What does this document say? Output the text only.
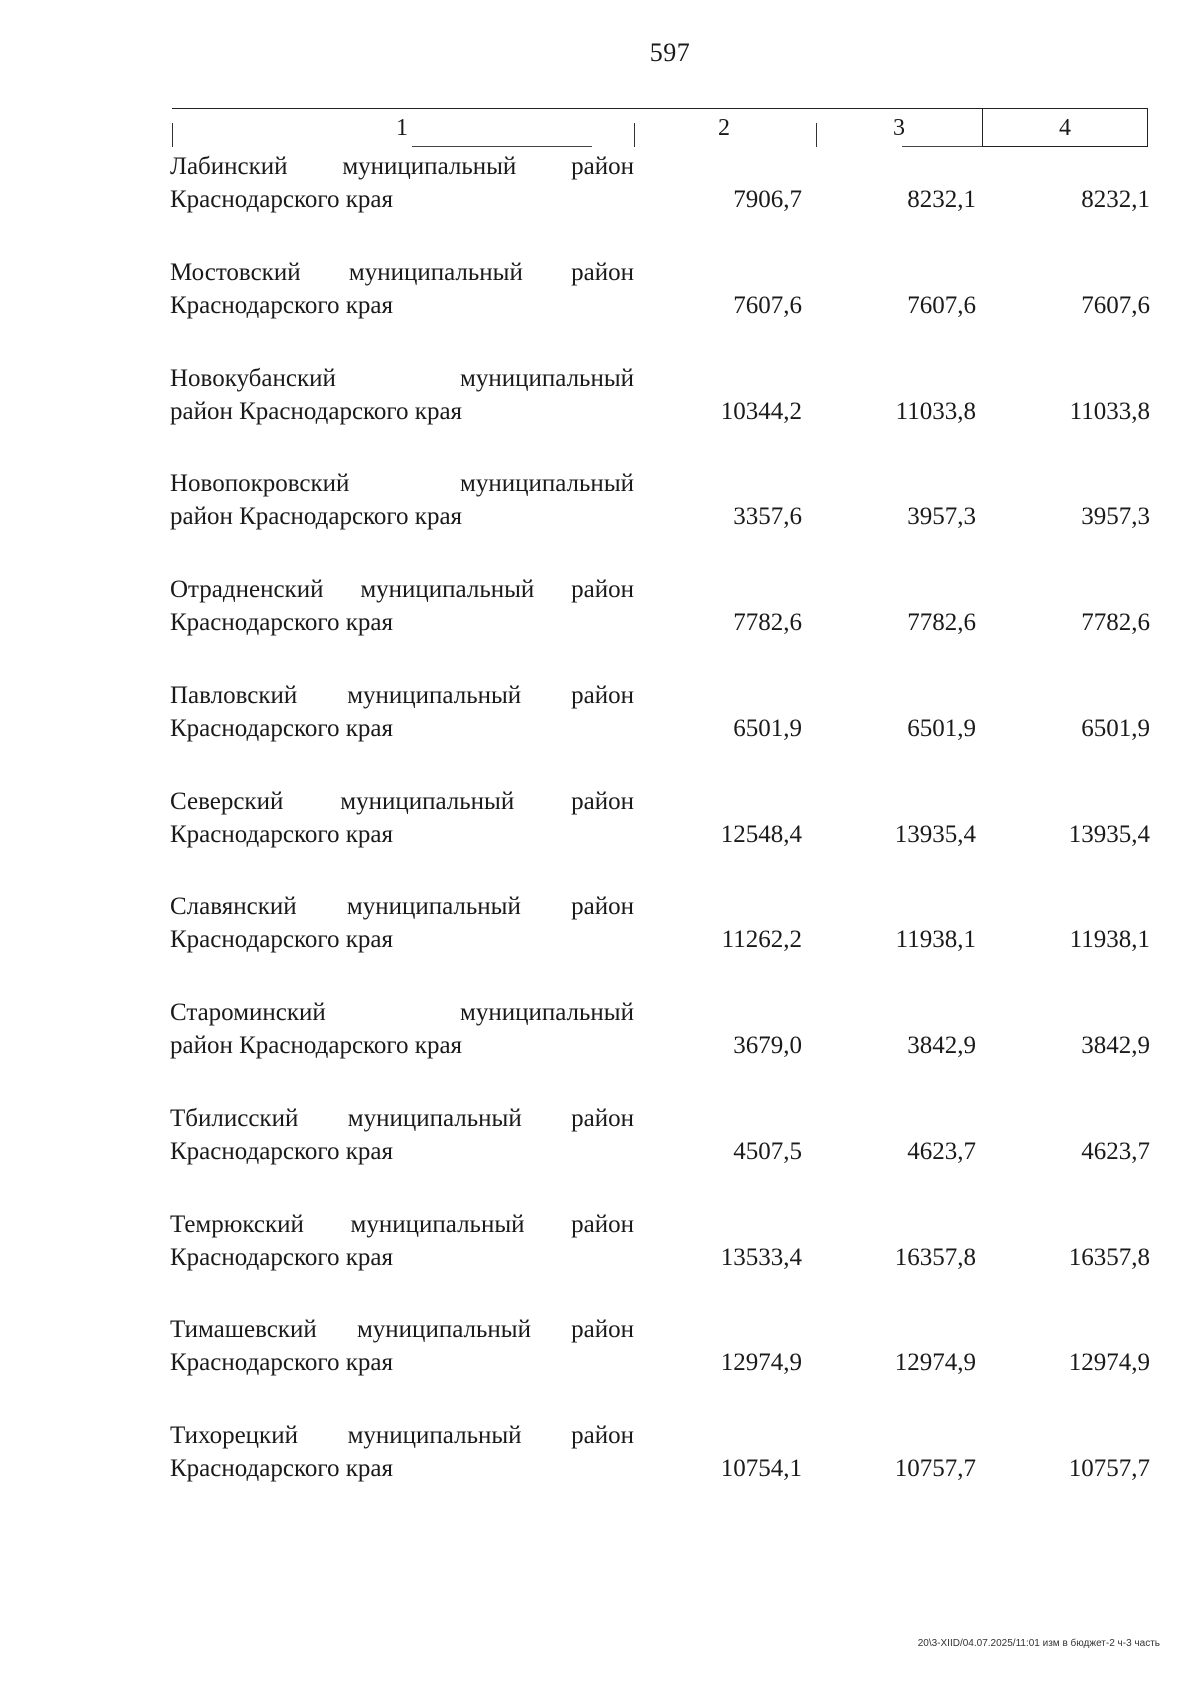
597
1	2	3	4
Лабинский муниципальный район
Краснодарского края	7906,7	8232,1	8232,1
Мостовский муниципальный район
Краснодарского края	7607,6	7607,6	7607,6
Новокубанский муниципальный
район Краснодарского края	10344,2	11033,8	11033,8
Новопокровский муниципальный
район Краснодарского края	3357,6	3957,3	3957,3
Отрадненский муниципальный район
Краснодарского края	7782,6	7782,6	7782,6
Павловский муниципальный район
Краснодарского края	6501,9	6501,9	6501,9
Северский муниципальный район
Краснодарского края	12548,4	13935,4	13935,4
Славянский муниципальный район
Краснодарского края	11262,2	11938,1	11938,1
Староминский муниципальный
район Краснодарского края	3679,0	3842,9	3842,9
Тбилисский муниципальный район
Краснодарского края	4507,5	4623,7	4623,7
Темрюкский муниципальный район
Краснодарского края	13533,4	16357,8	16357,8
Тимашевский муниципальный район
Краснодарского края	12974,9	12974,9	12974,9
Тихорецкий муниципальный район
Краснодарского края	10754,1	10757,7	10757,7
20\3-XIID/04.07.2025/11:01 изм в бюджет-2 ч-3 часть
